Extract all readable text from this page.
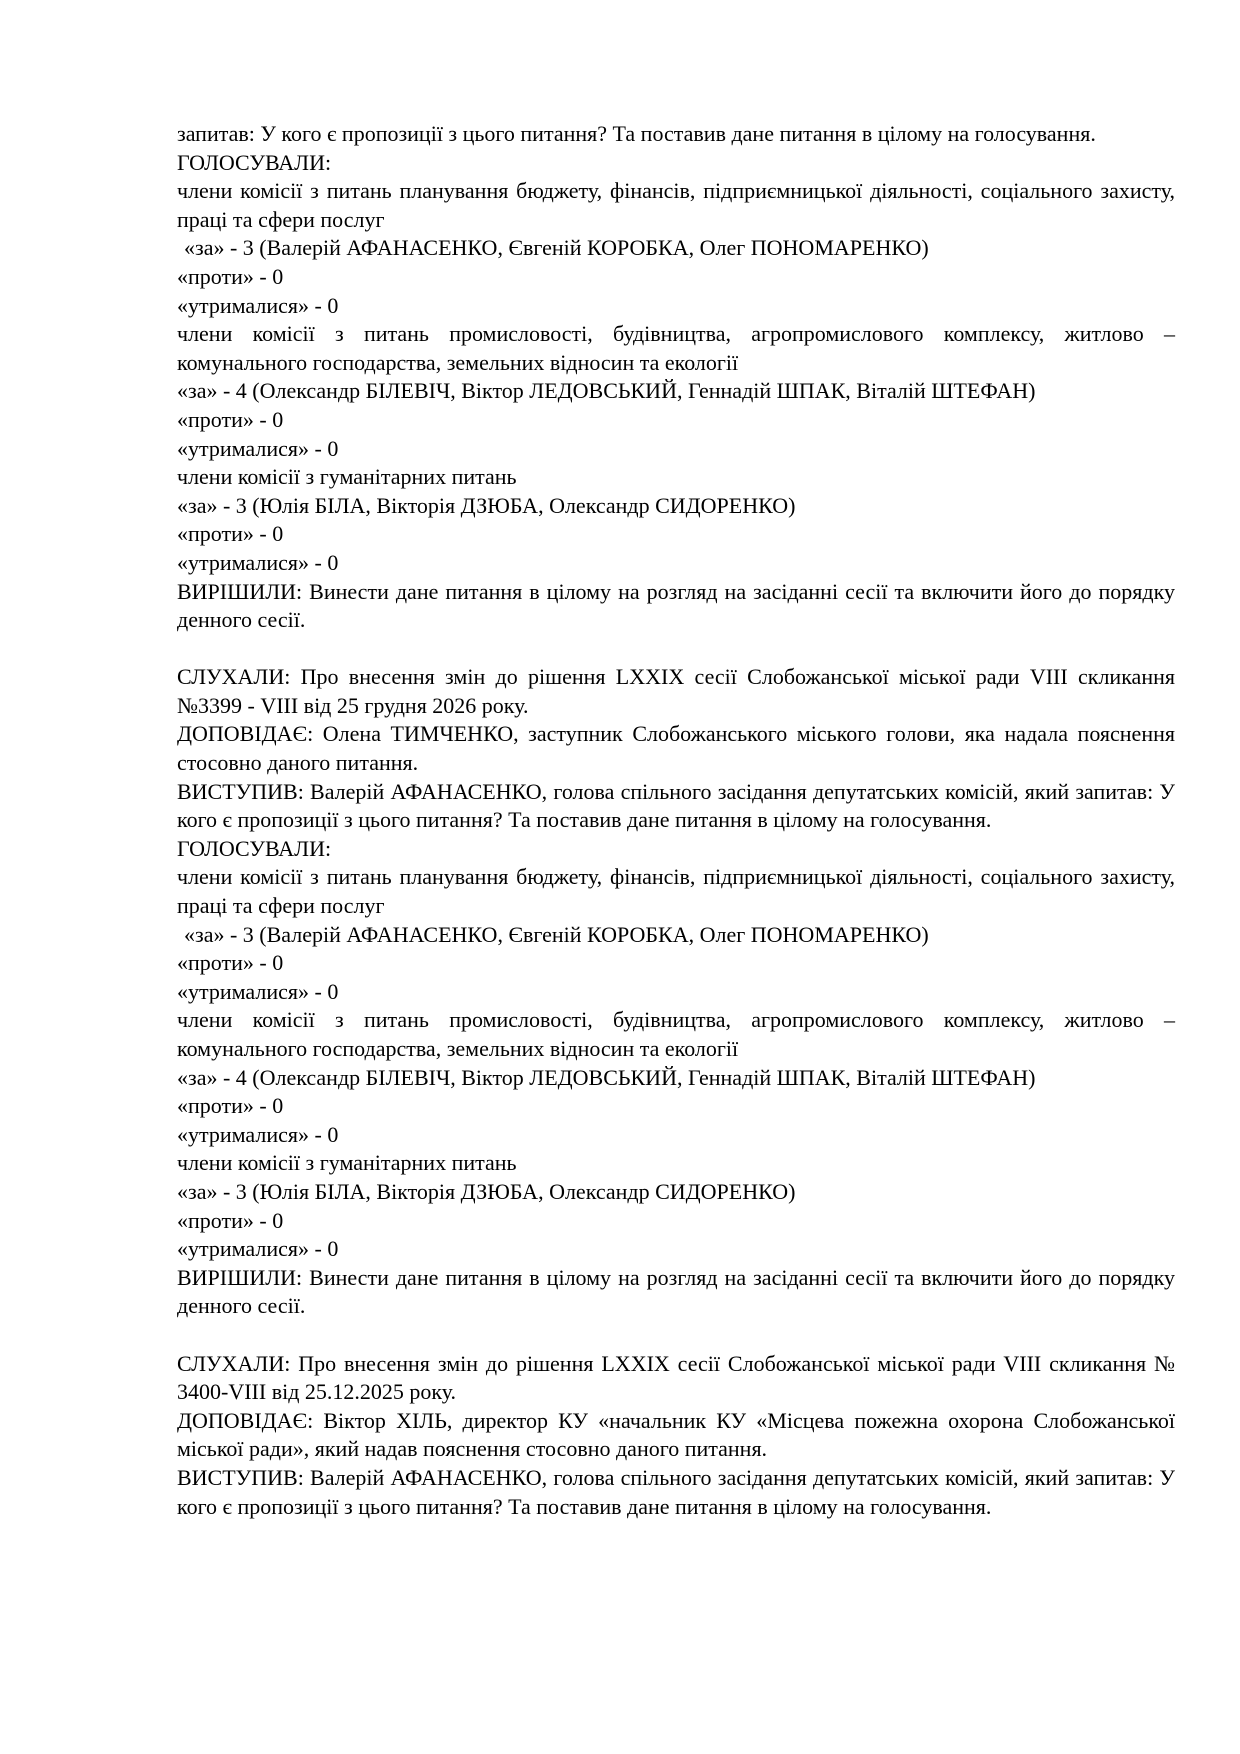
запитав: У кого є пропозиції з цього питання? Та поставив дане питання в цілому на голосування.

ГОЛОСУВАЛИ:

члени комісії з питань планування бюджету, фінансів, підприємницької діяльності, соціального захисту, праці та сфери послуг

«за» - 3 (Валерій АФАНАСЕНКО, Євгеній КОРОБКА, Олег ПОНОМАРЕНКО)

«проти» - 0

«утрималися» - 0

члени комісії з питань промисловості, будівництва, агропромислового комплексу, житлово – комунального господарства, земельних відносин та екології

«за» - 4 (Олександр БІЛЕВІЧ, Віктор ЛЕДОВСЬКИЙ, Геннадій ШПАК, Віталій ШТЕФАН)

«проти» - 0

«утрималися» - 0

члени комісії з гуманітарних питань

«за» - 3 (Юлія БІЛА, Вікторія ДЗЮБА, Олександр СИДОРЕНКО)

«проти» - 0

«утрималися» - 0

ВИРІШИЛИ: Винести дане питання в цілому на розгляд на засіданні сесії та включити його до порядку денного сесії.

СЛУХАЛИ: Про внесення змін до рішення LXXIX сесії Слобожанської міської ради VIII скликання №3399 - VIII від 25 грудня 2026 року.

ДОПОВІДАЄ: Олена ТИМЧЕНКО, заступник Слобожанського міського голови, яка надала пояснення стосовно даного питання.

ВИСТУПИВ: Валерій АФАНАСЕНКО, голова спільного засідання депутатських комісій, який запитав: У кого є пропозиції з цього питання? Та поставив дане питання в цілому на голосування.

ГОЛОСУВАЛИ:

члени комісії з питань планування бюджету, фінансів, підприємницької діяльності, соціального захисту, праці та сфери послуг

«за» - 3 (Валерій АФАНАСЕНКО, Євгеній КОРОБКА, Олег ПОНОМАРЕНКО)

«проти» - 0

«утрималися» - 0

члени комісії з питань промисловості, будівництва, агропромислового комплексу, житлово – комунального господарства, земельних відносин та екології

«за» - 4 (Олександр БІЛЕВІЧ, Віктор ЛЕДОВСЬКИЙ, Геннадій ШПАК, Віталій ШТЕФАН)

«проти» - 0

«утрималися» - 0

члени комісії з гуманітарних питань

«за» - 3 (Юлія БІЛА, Вікторія ДЗЮБА, Олександр СИДОРЕНКО)

«проти» - 0

«утрималися» - 0

ВИРІШИЛИ: Винести дане питання в цілому на розгляд на засіданні сесії та включити його до порядку денного сесії.

СЛУХАЛИ: Про внесення змін до рішення LXXIX сесії Слобожанської міської ради VIII скликання № 3400-VIII від 25.12.2025 року.

ДОПОВІДАЄ: Віктор ХІЛЬ, директор КУ «начальник КУ «Місцева пожежна охорона Слобожанської міської ради», який надав пояснення стосовно даного питання.

ВИСТУПИВ: Валерій АФАНАСЕНКО, голова спільного засідання депутатських комісій, який запитав: У кого є пропозиції з цього питання? Та поставив дане питання в цілому на голосування.
